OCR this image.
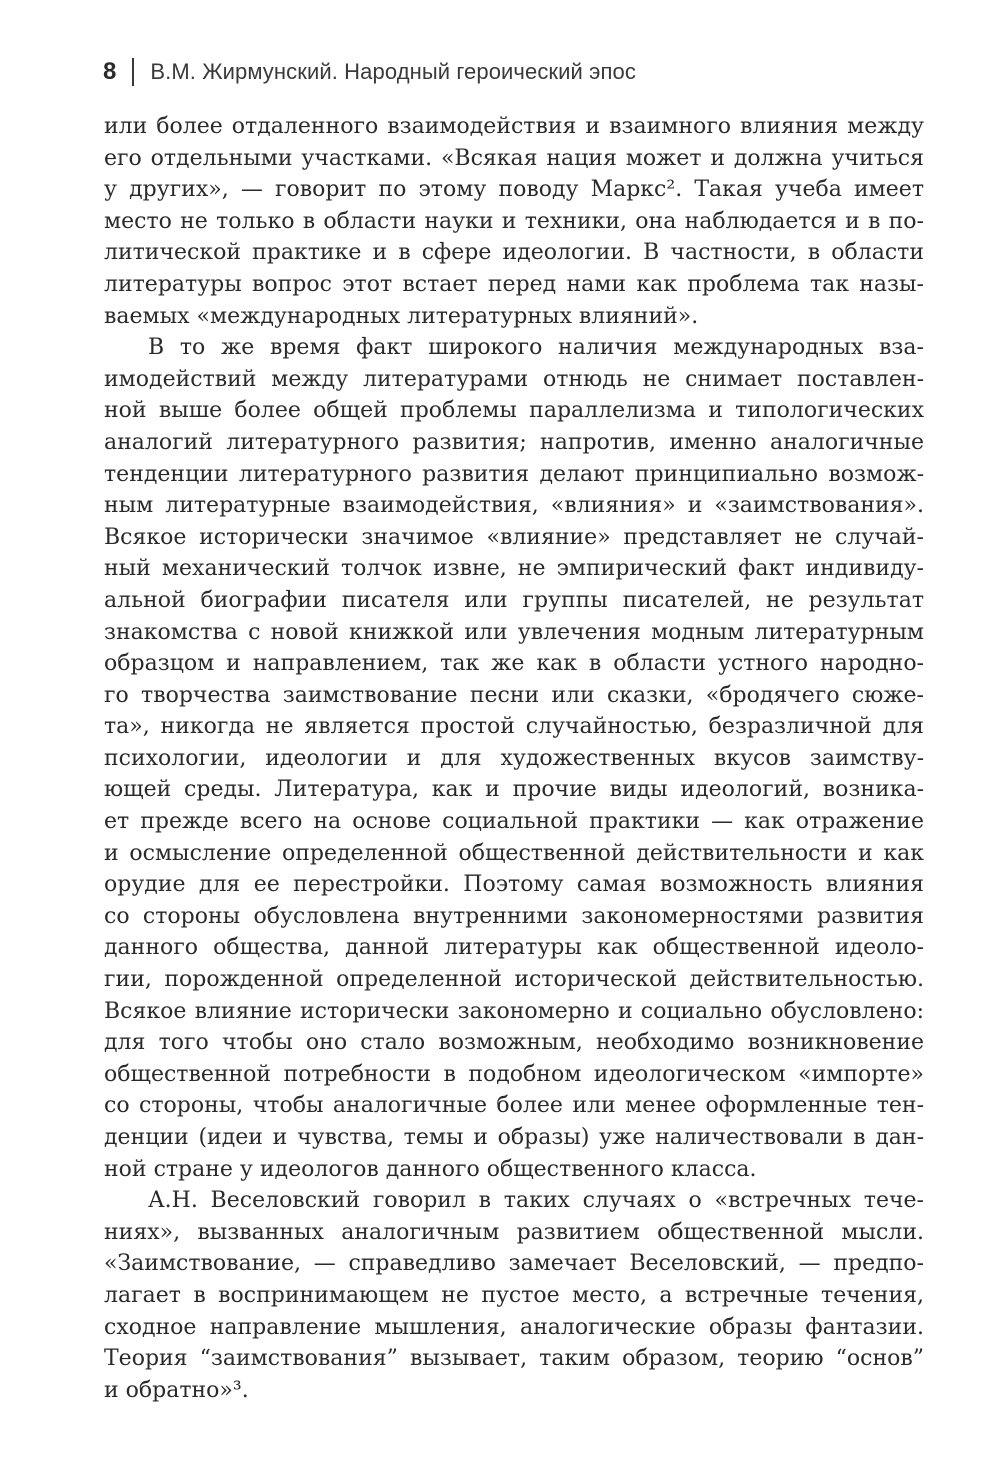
8 В.М. Жирмунский. Народный героический эпос
или более отдаленного взаимодействия и взаимного влияния между
его отдельными участками. «Всякая нация может и должна учиться
у других», — говорит по этому поводу Маркс². Такая учеба имеет
место не только в области науки и техники, она наблюдается и в по-
литической практике и в сфере идеологии. В частности, в области
литературы вопрос этот встает перед нами как проблема так назы-
ваемых «международных литературных влияний».
В то же время факт широкого наличия международных вза-
имодействий между литературами отнюдь не снимает поставлен-
ной выше более общей проблемы параллелизма и типологических
аналогий литературного развития; напротив, именно аналогичные
тенденции литературного развития делают принципиально возмож-
ным литературные взаимодействия, «влияния» и «заимствования».
Всякое исторически значимое «влияние» представляет не случай-
ный механический толчок извне, не эмпирический факт индивиду-
альной биографии писателя или группы писателей, не результат
знакомства с новой книжкой или увлечения модным литературным
образцом и направлением, так же как в области устного народно-
го творчества заимствование песни или сказки, «бродячего сюже-
та», никогда не является простой случайностью, безразличной для
психологии, идеологии и для художественных вкусов заимству-
ющей среды. Литература, как и прочие виды идеологий, возника-
ет прежде всего на основе социальной практики — как отражение
и осмысление определенной общественной действительности и как
орудие для ее перестройки. Поэтому самая возможность влияния
со стороны обусловлена внутренними закономерностями развития
данного общества, данной литературы как общественной идеоло-
гии, порожденной определенной исторической действительностью.
Всякое влияние исторически закономерно и социально обусловлено:
для того чтобы оно стало возможным, необходимо возникновение
общественной потребности в подобном идеологическом «импорте»
со стороны, чтобы аналогичные более или менее оформленные тен-
денции (идеи и чувства, темы и образы) уже наличествовали в дан-
ной стране у идеологов данного общественного класса.
А.Н. Веселовский говорил в таких случаях о «встречных тече-
ниях», вызванных аналогичным развитием общественной мысли.
«Заимствование, — справедливо замечает Веселовский, — предпо-
лагает в воспринимающем не пустое место, а встречные течения,
сходное направление мышления, аналогические образы фантазии.
Теория “заимствования” вызывает, таким образом, теорию “основ”
и обратно»³.
